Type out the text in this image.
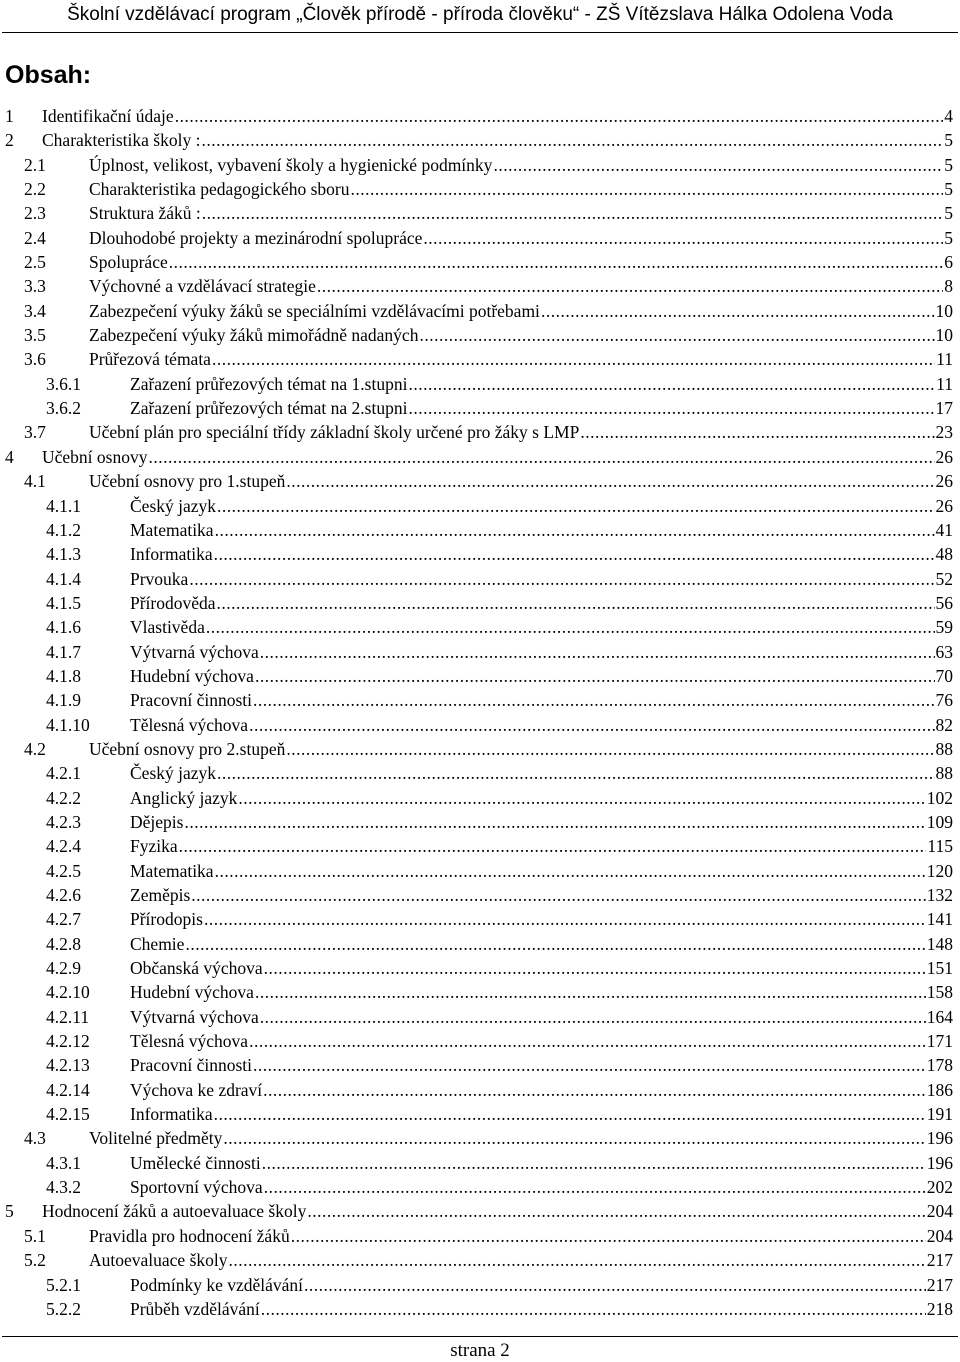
Školní vzdělávací program „Člověk přírodě - příroda člověku“ - ZŠ Vítězslava Hálka Odolena Voda
Obsah:
1 Identifikační údaje .....	4
2 Charakteristika školy : .....	5
2.1 Úplnost, velikost, vybavení školy a hygienické podmínky .....	5
2.2 Charakteristika pedagogického sboru .....	5
2.3 Struktura žáků : .....	5
2.4 Dlouhodobé projekty a mezinárodní spolupráce .....	5
2.5 Spolupráce .....	6
3.3 Výchovné a vzdělávací strategie .....	8
3.4 Zabezpečení výuky žáků se speciálními vzdělávacími potřebami .....	10
3.5 Zabezpečení výuky žáků mimořádně nadaných .....	10
3.6 Průřezová témata .....	11
3.6.1	Zařazení průřezových témat na 1.stupni .....	11
3.6.2	Zařazení průřezových témat na 2.stupni .....	17
3.7 Učební plán pro speciální třídy základní školy určené pro žáky s LMP .....	23
4 Učební osnovy .....	26
4.1 Učební osnovy pro 1.stupeň .....	26
4.1.1	Český jazyk .....	26
4.1.2	Matematika .....	41
4.1.3	Informatika .....	48
4.1.4	Prvouka .....	52
4.1.5	Přírodověda .....	56
4.1.6	Vlastivěda .....	59
4.1.7	Výtvarná výchova .....	63
4.1.8	Hudební výchova .....	70
4.1.9	Pracovní činnosti .....	76
4.1.10 Tělesná výchova .....	82
4.2 Učební osnovy pro 2.stupeň .....	88
4.2.1	Český jazyk .....	88
4.2.2	Anglický jazyk .....	102
4.2.3	Dějepis .....	109
4.2.4	Fyzika .....	115
4.2.5	Matematika .....	120
4.2.6	Zeměpis .....	132
4.2.7	Přírodopis .....	141
4.2.8	Chemie .....	148
4.2.9	Občanská výchova .....	151
4.2.10 Hudební výchova .....	158
4.2.11 Výtvarná výchova .....	164
4.2.12 Tělesná výchova .....	171
4.2.13 Pracovní činnosti .....	178
4.2.14 Výchova ke zdraví .....	186
4.2.15 Informatika .....	191
4.3 Volitelné předměty .....	196
4.3.1	Umělecké činnosti .....	196
4.3.2	Sportovní výchova .....	202
5 Hodnocení žáků a autoevaluace školy .....	204
5.1 Pravidla pro hodnocení žáků .....	204
5.2 Autoevaluace školy .....	217
5.2.1	Podmínky ke vzdělávání .....	217
5.2.2	Průběh vzdělávání .....	218
strana 2
